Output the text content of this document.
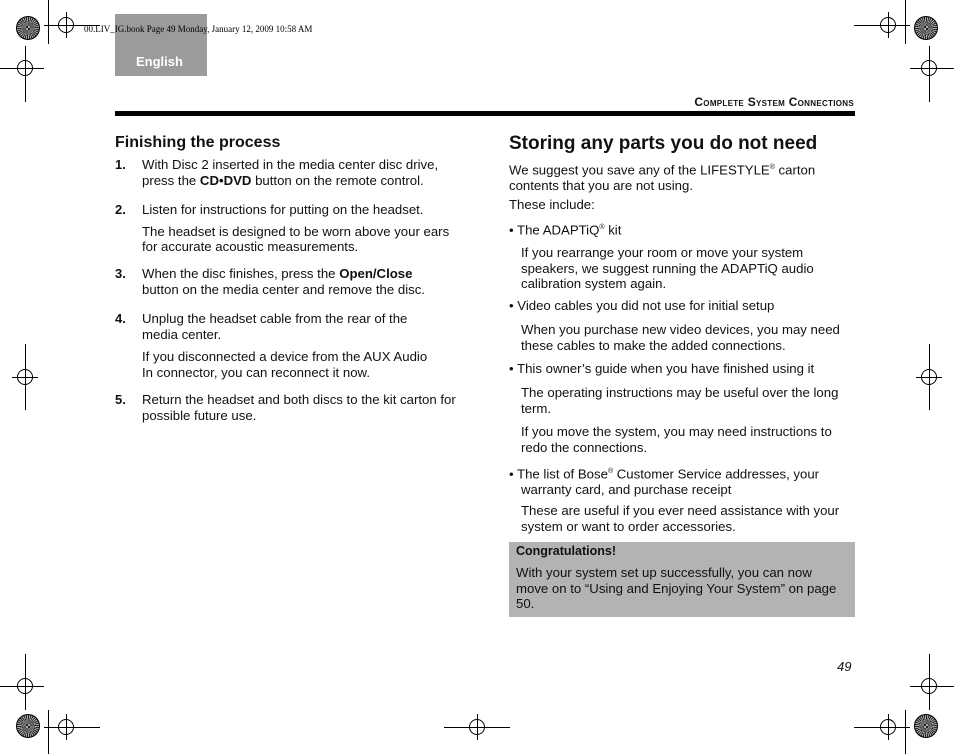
English
00.LIV_IG.book Page 49 Monday, January 12, 2009 10:58 AM
Complete System Connections
Finishing the process
1. With Disc 2 inserted in the media center disc drive, press the CD•DVD button on the remote control.
2. Listen for instructions for putting on the headset.
The headset is designed to be worn above your ears for accurate acoustic measurements.
3. When the disc finishes, press the Open/Close button on the media center and remove the disc.
4. Unplug the headset cable from the rear of the media center.
If you disconnected a device from the AUX Audio In connector, you can reconnect it now.
5. Return the headset and both discs to the kit carton for possible future use.
Storing any parts you do not need
We suggest you save any of the LIFESTYLE® carton contents that you are not using.
These include:
• The ADAPTiQ® kit
If you rearrange your room or move your system speakers, we suggest running the ADAPTiQ audio calibration system again.
• Video cables you did not use for initial setup
When you purchase new video devices, you may need these cables to make the added connections.
• This owner’s guide when you have finished using it
The operating instructions may be useful over the long term.
If you move the system, you may need instructions to redo the connections.
• The list of Bose® Customer Service addresses, your warranty card, and purchase receipt
These are useful if you ever need assistance with your system or want to order accessories.
Congratulations!
With your system set up successfully, you can now move on to “Using and Enjoying Your System” on page 50.
49
